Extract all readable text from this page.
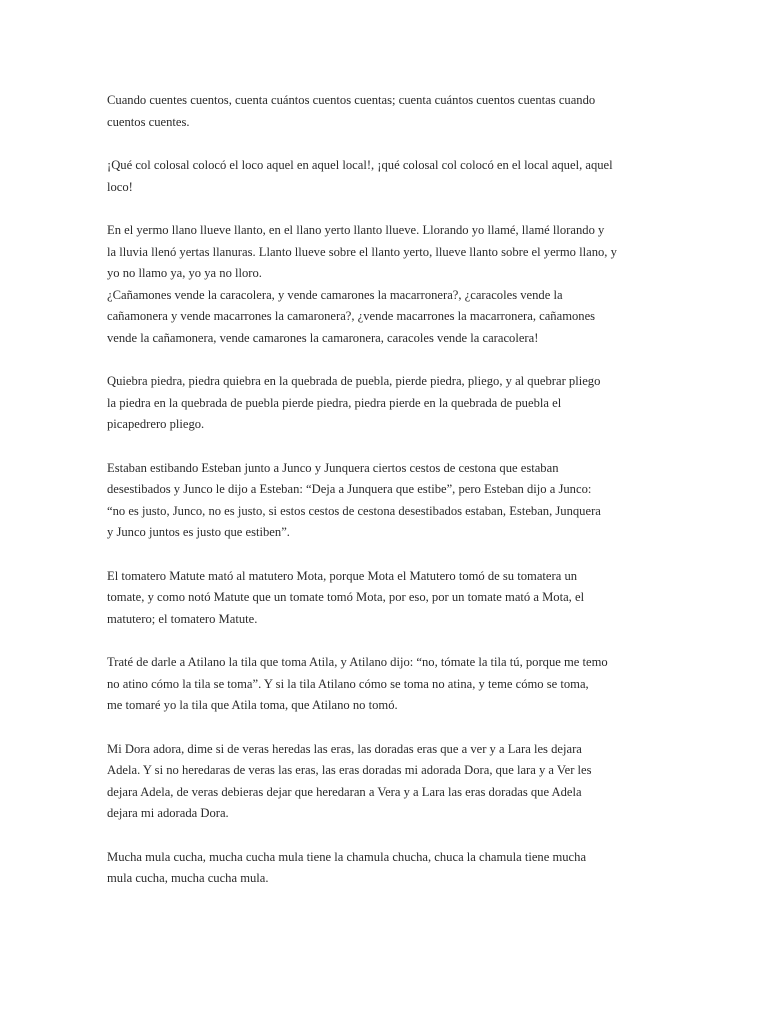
Cuando cuentes cuentos, cuenta cuántos cuentos cuentas; cuenta cuántos cuentos cuentas cuando
cuentos cuentes.

¡Qué col colosal colocó el loco aquel en aquel local!, ¡qué colosal col colocó en el local aquel, aquel
loco!

En el yermo llano llueve llanto, en el llano yerto llanto llueve. Llorando yo llamé, llamé llorando y
la lluvia llenó yertas llanuras. Llanto llueve sobre el llanto yerto, llueve llanto sobre el yermo llano, y
yo no llamo ya, yo ya no lloro.

¿Cañamones vende la caracolera, y vende camarones la macarronera?, ¿caracoles vende la
cañamonera y vende macarrones la camaronera?, ¿vende macarrones la macarronera, cañamones
vende la cañamonera, vende camarones la camaronera, caracoles vende la caracolera!

Quiebra piedra, piedra quiebra en la quebrada de puebla, pierde piedra, pliego, y al quebrar pliego
la piedra en la quebrada de puebla pierde piedra, piedra pierde en la quebrada de puebla el
picapedrero pliego.

Estaban estibando Esteban junto a Junco y Junquera ciertos cestos de cestona que estaban
desestibados y Junco le dijo a Esteban: “Deja a Junquera que estibe”, pero Esteban dijo a Junco:
“no es justo, Junco, no es justo, si estos cestos de cestona desestibados estaban, Esteban, Junquera
y Junco juntos es justo que estiben”.

El tomatero Matute mató al matutero Mota, porque Mota el Matutero tomó de su tomatera un
tomate, y como notó Matute que un tomate tomó Mota, por eso, por un tomate mató a Mota, el
matutero; el tomatero Matute.

Traté de darle a Atilano la tila que toma Atila, y Atilano dijo: “no, tómate la tila tú, porque me temo
no atino cómo la tila se toma”. Y si la tila Atilano cómo se toma no atina, y teme cómo se toma,
me tomaré yo la tila que Atila toma, que Atilano no tomó.

Mi Dora adora, dime si de veras heredas las eras, las doradas eras que a ver y a Lara les dejara
Adela. Y si no heredaras de veras las eras, las eras doradas mi adorada Dora, que lara y a Ver les
dejara Adela, de veras debieras dejar que heredaran a Vera y a Lara las eras doradas que Adela
dejara mi adorada Dora.

Mucha mula cucha, mucha cucha mula tiene la chamula chucha, chuca la chamula tiene mucha
mula cucha, mucha cucha mula.
